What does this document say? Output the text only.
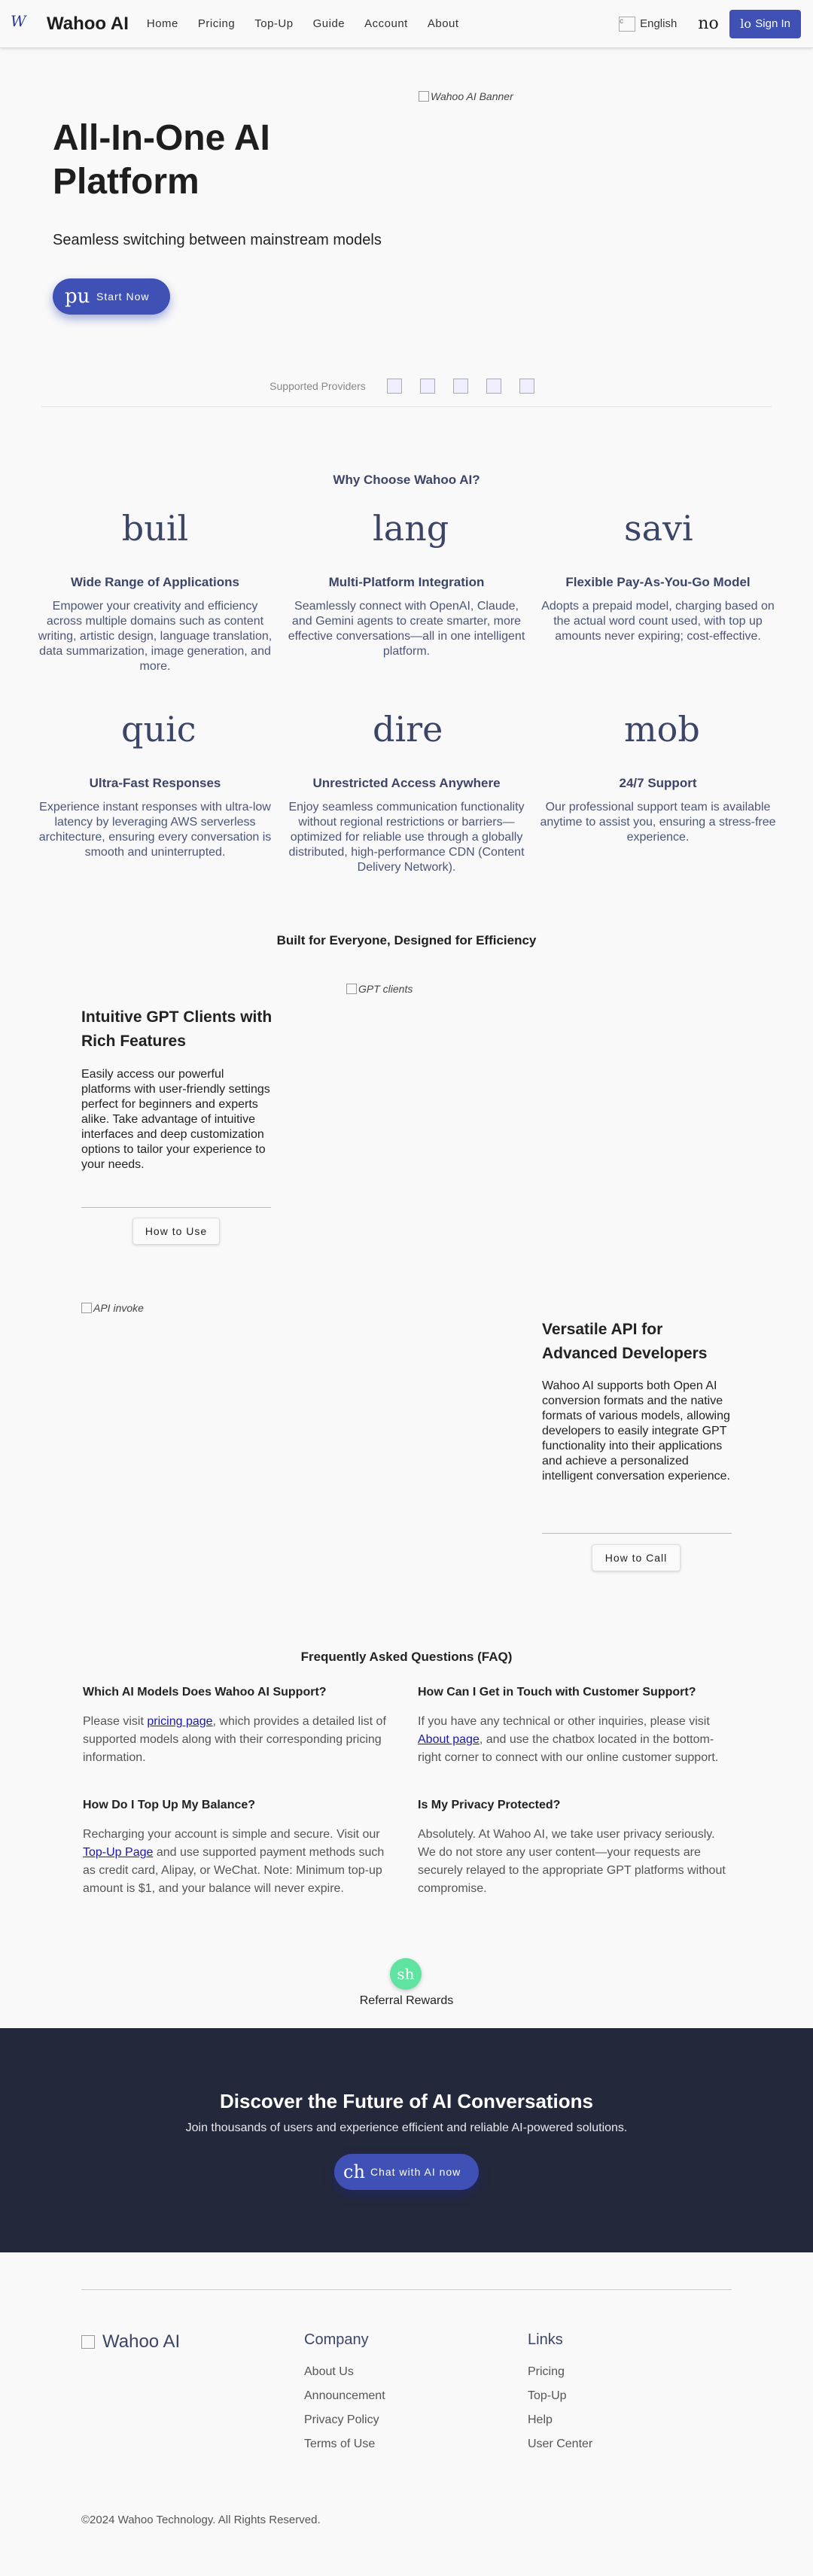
W	Wahoo AI Home	Pricing	Top-Up	Guide	Account	About	c	English no lo Sign In
All-In-One AI Platform

Seamless switching between mainstream models

pu Start Now
Wahoo AI Banner
Supported Providers
Why Choose Wahoo AI?
buil
Wide Range of Applications

Empower your creativity and efficiency across multiple domains such as content writing, artistic design, language translation, data summarization, image generation, and more.

lang
Multi-Platform Integration

Seamlessly connect with OpenAI, Claude, and Gemini agents to create smarter, more effective conversations—all in one intelligent platform.

savi
Flexible Pay-As-You-Go Model

Adopts a prepaid model, charging based on the actual word count used, with top up amounts never expiring; cost-effective.

quic
Ultra-Fast Responses

Experience instant responses with ultra-low latency by leveraging AWS serverless architecture, ensuring every conversation is smooth and uninterrupted.

dire
Unrestricted Access Anywhere

Enjoy seamless communication functionality without regional restrictions or barriers—optimized for reliable use through a globally distributed, high-performance CDN (Content Delivery Network).

mob
24/7 Support

Our professional support team is available anytime to assist you, ensuring a stress-free experience.

Built for Everyone, Designed for Efficiency
GPT clients
Intuitive GPT Clients with Rich Features

Easily access our powerful platforms with user-friendly settings perfect for beginners and experts alike. Take advantage of intuitive interfaces and deep customization options to tailor your experience to your needs.

How to Use
API invoke
Versatile API for Advanced Developers

Wahoo AI supports both Open AI conversion formats and the native formats of various models, allowing developers to easily integrate GPT functionality into their applications and achieve a personalized intelligent conversation experience.

How to Call
Frequently Asked Questions (FAQ)
Which AI Models Does Wahoo AI Support?

Please visit pricing page, which provides a detailed list of supported models along with their corresponding pricing information.

How Can I Get in Touch with Customer Support?

If you have any technical or other inquiries, please visit About page, and use the chatbox located in the bottom-right corner to connect with our online customer support.

How Do I Top Up My Balance?

Recharging your account is simple and secure. Visit our Top-Up Page and use supported payment methods such as credit card, Alipay, or WeChat. Note: Minimum top-up amount is $1, and your balance will never expire.

Is My Privacy Protected?

Absolutely. At Wahoo AI, we take user privacy seriously. We do not store any user content—your requests are securely relayed to the appropriate GPT platforms without compromise.

sh
Referral Rewards
Discover the Future of AI Conversations

Join thousands of users and experience efficient and reliable AI-powered solutions.

ch Chat with AI now
Wahoo AI	Company
About Us
Announcement
Privacy Policy
Terms of Use
Links
Pricing
Top-Up
Help
User Center
©2024 Wahoo Technology. All Rights Reserved.
